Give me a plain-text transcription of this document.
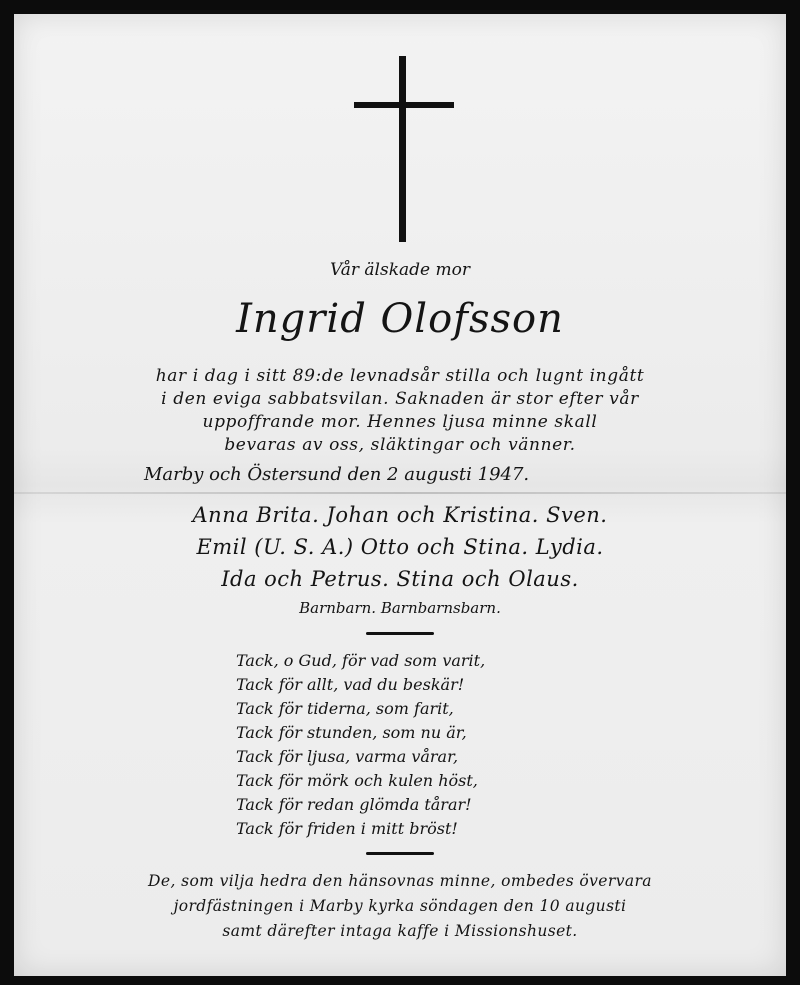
Vår älskade mor
Ingrid Olofsson
har i dag i sitt 89:de levnadsår stilla och lugnt ingått
i den eviga sabbatsvilan. Saknaden är stor efter vår
uppoffrande mor. Hennes ljusa minne skall
bevaras av oss, släktingar och vänner.
Marby och Östersund den 2 augusti 1947.
Anna Brita. Johan och Kristina. Sven.
Emil (U. S. A.) Otto och Stina. Lydia.
Ida och Petrus. Stina och Olaus.
Barnbarn. Barnbarnsbarn.
Tack, o Gud, för vad som varit,
Tack för allt, vad du beskär!
Tack för tiderna, som farit,
Tack för stunden, som nu är,
Tack för ljusa, varma vårar,
Tack för mörk och kulen höst,
Tack för redan glömda tårar!
Tack för friden i mitt bröst!
De, som vilja hedra den hänsovnas minne, ombedes övervara
jordfästningen i Marby kyrka söndagen den 10 augusti
samt därefter intaga kaffe i Missionshuset.
